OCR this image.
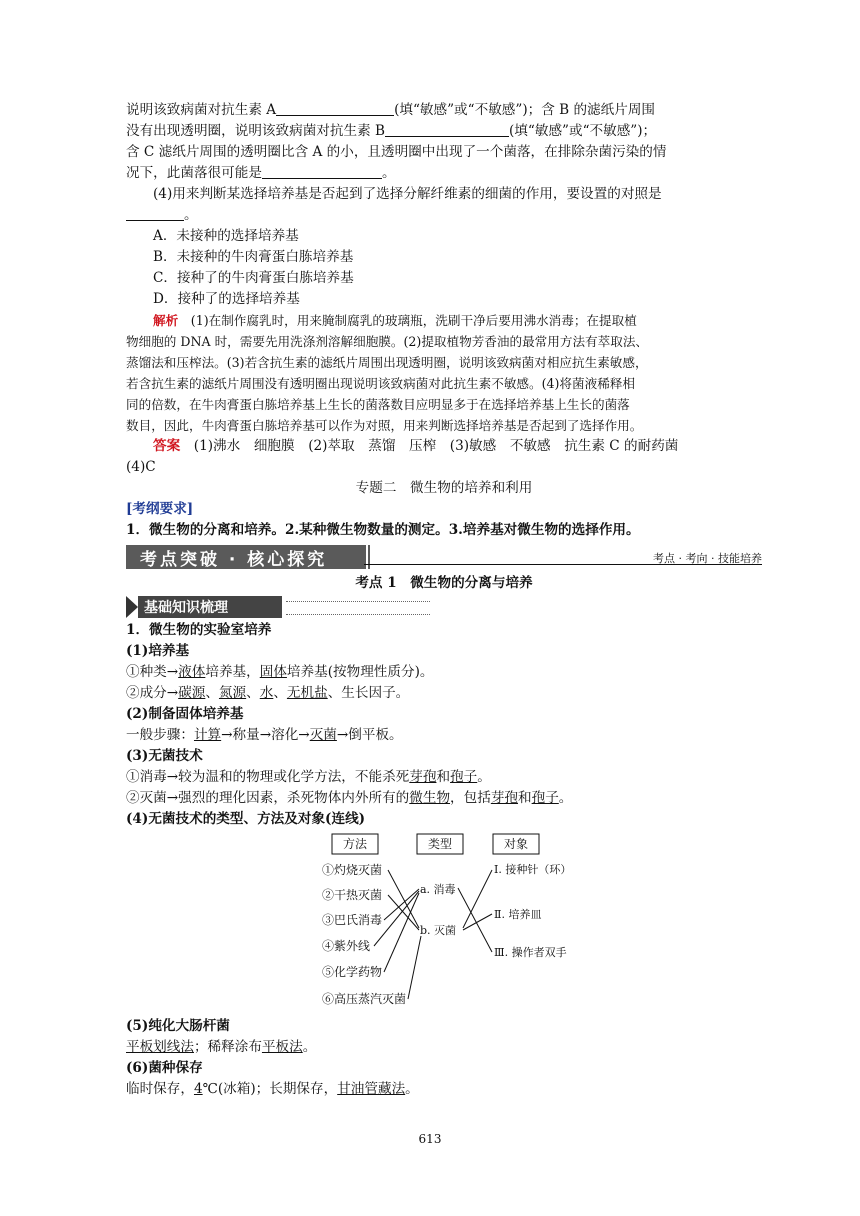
说明该致病菌对抗生素 A	(填“敏感”或“不敏感”)；含 B 的滤纸片周围
没有出现透明圈，说明该致病菌对抗生素 B	(填“敏感”或“不敏感”)；
含 C 滤纸片周围的透明圈比含 A 的小，且透明圈中出现了一个菌落，在排除杂菌污染的情
况下，此菌落很可能是	。
(4)用来判断某选择培养基是否起到了选择分解纤维素的细菌的作用，要设置的对照是
。
A．未接种的选择培养基
B．未接种的牛肉膏蛋白胨培养基
C．接种了的牛肉膏蛋白胨培养基
D．接种了的选择培养基
解析　 (1)在制作腐乳时，用来腌制腐乳的玻璃瓶，洗刷干净后要用沸水消毒；在提取植
物细胞的 DNA 时，需要先用洗涤剂溶解细胞膜。(2)提取植物芳香油的最常用方法有萃取法、
蒸馏法和压榨法。(3)若含抗生素的滤纸片周围出现透明圈，说明该致病菌对相应抗生素敏感，
若含抗生素的滤纸片周围没有透明圈出现说明该致病菌对此抗生素不敏感。(4)将菌液稀释相
同的倍数，在牛肉膏蛋白胨培养基上生长的菌落数目应明显多于在选择培养基上生长的菌落
数目，因此，牛肉膏蛋白胨培养基可以作为对照，用来判断选择培养基是否起到了选择作用。
答案　 (1)沸水　细胞膜　(2)萃取　蒸馏　压榨　(3)敏感　不敏感　抗生素 C 的耐药菌
(4)C
专题二　微生物的培养和利用
[考纲要求]
1．微生物的分离和培养。2.某种微生物数量的测定。3.培养基对微生物的选择作用。
考点突破 · 核心探究	考点 · 考向 · 技能培养
考点 1　微生物的分离与培养
基础知识梳理
1．微生物的实验室培养
(1)培养基
①种类→液体培养基，固体培养基(按物理性质分)。
②成分→碳源、氮源、水、无机盐、生长因子。
(2)制备固体培养基
一般步骤：计算→称量→溶化→灭菌→倒平板。
(3)无菌技术
①消毒→较为温和的物理或化学方法，不能杀死芽孢和孢子。
②灭菌→强烈的理化因素，杀死物体内外所有的微生物，包括芽孢和孢子。
(4)无菌技术的类型、方法及对象(连线)
方法	类型	对象
①灼烧灭菌
②干热灭菌
③巴氏消毒
④紫外线
⑤化学药物
⑥高压蒸汽灭菌
a. 消毒
b. 灭菌
Ⅰ. 接种针（环）
Ⅱ. 培养皿
Ⅲ. 操作者双手
(5)纯化大肠杆菌
平板划线法；稀释涂布平板法。
(6)菌种保存
临时保存，4℃(冰箱)；长期保存，甘油管藏法。
613
